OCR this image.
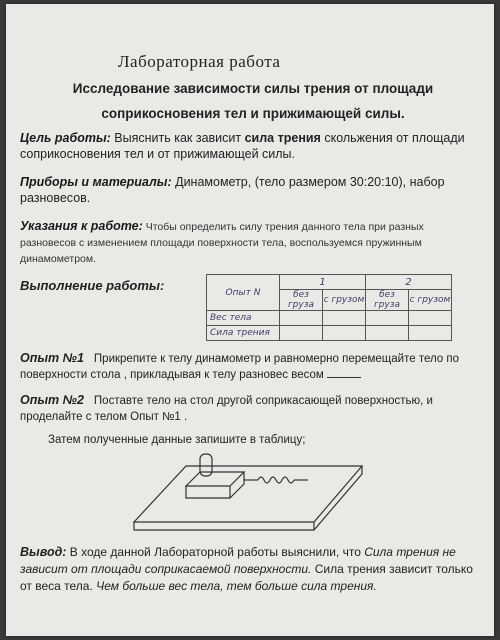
Лабораторная работа

Исследование зависимости силы трения от площади
соприкосновения тел и прижимающей силы.

Цель работы: Выяснить как зависит сила трения скольжения от площади соприкосновения тел и от прижимающей силы.

Приборы и материалы: Динамометр, (тело размером 30:20:10), набор разновесов.

Указания к работе: Чтобы определить силу трения данного тела при разных разновесов с изменением площади поверхности тела, воспользуемся пружинным динамометром.

Выполнение работы:	Опыт N	1		2	
	без груза	с грузом	без груза	с грузом
Вес тела				
Сила трения				
Опыт №1 Прикрепите к телу динамометр и равномерно перемещайте тело по поверхности стола , прикладывая к телу разновес весом
Опыт №2 Поставте тело на стол другой соприкасающей поверхностью, и проделайте с телом Опыт №1 .

Затем полученные данные запишите в таблицу;

Вывод: В ходе данной Лабораторной работы выяснили, что Сила трения не зависит от площади соприкасаемой поверхности. Сила трения зависит только от веса тела. Чем больше вес тела, тем больше сила трения.
